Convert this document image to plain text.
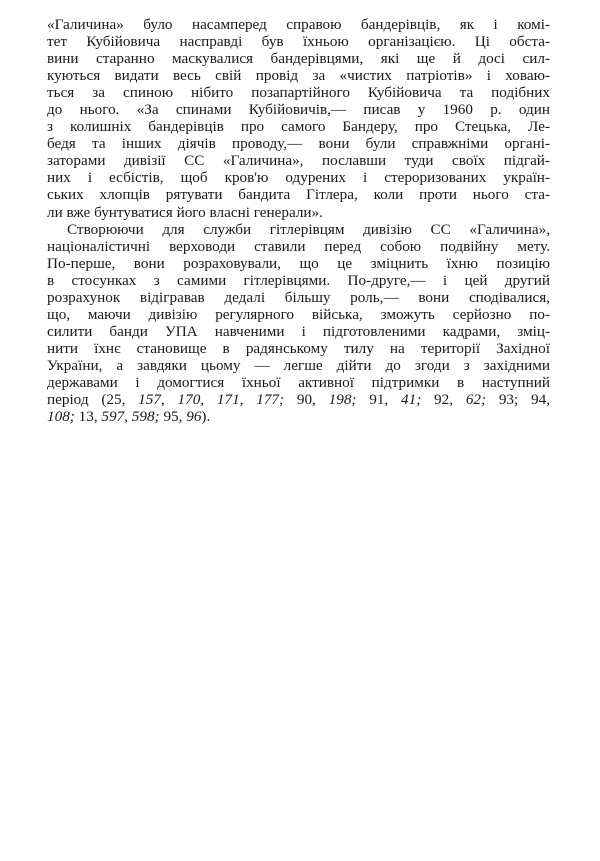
«Галичина» було насамперед справою бандерівців, як і комі-
тет Кубійовича насправді був їхньою організацією. Ці обста-
вини старанно маскувалися бандерівцями, які ще й досі сил-
куються видати весь свій провід за «чистих патріотів» і ховаю-
ться за спиною нібито позапартійного Кубійовича та подібних
до нього. «За спинами Кубійовичів,— писав у 1960 р. один
з колишніх бандерівців про самого Бандеру, про Стецька, Ле-
бедя та інших діячів проводу,— вони були справжніми органі-
заторами дивізії СС «Галичина», пославши туди своїх підгай-
них і есбістів, щоб кров'ю одурених і стероризованих україн-
ських хлопців рятувати бандита Гітлера, коли проти нього ста-
ли вже бунтуватися його власні генерали».
Створюючи для служби гітлерівцям дивізію СС «Галичина»,
націоналістичні верховоди ставили перед собою подвійну мету.
По-перше, вони розраховували, що це зміцнить їхню позицію
в стосунках з самими гітлерівцями. По-друге,— і цей другий
розрахунок відігравав дедалі більшу роль,— вони сподівалися,
що, маючи дивізію регулярного війська, зможуть серйозно по-
силити банди УПА навченими і підготовленими кадрами, зміц-
нити їхнє становище в радянському тилу на території Західної
України, а завдяки цьому — легше дійти до згоди з західними
державами і домогтися їхньої активної підтримки в наступний
період (25, 157, 170, 171, 177; 90, 198; 91, 41; 92, 62; 93; 94,
108; 13, 597, 598; 95, 96).
